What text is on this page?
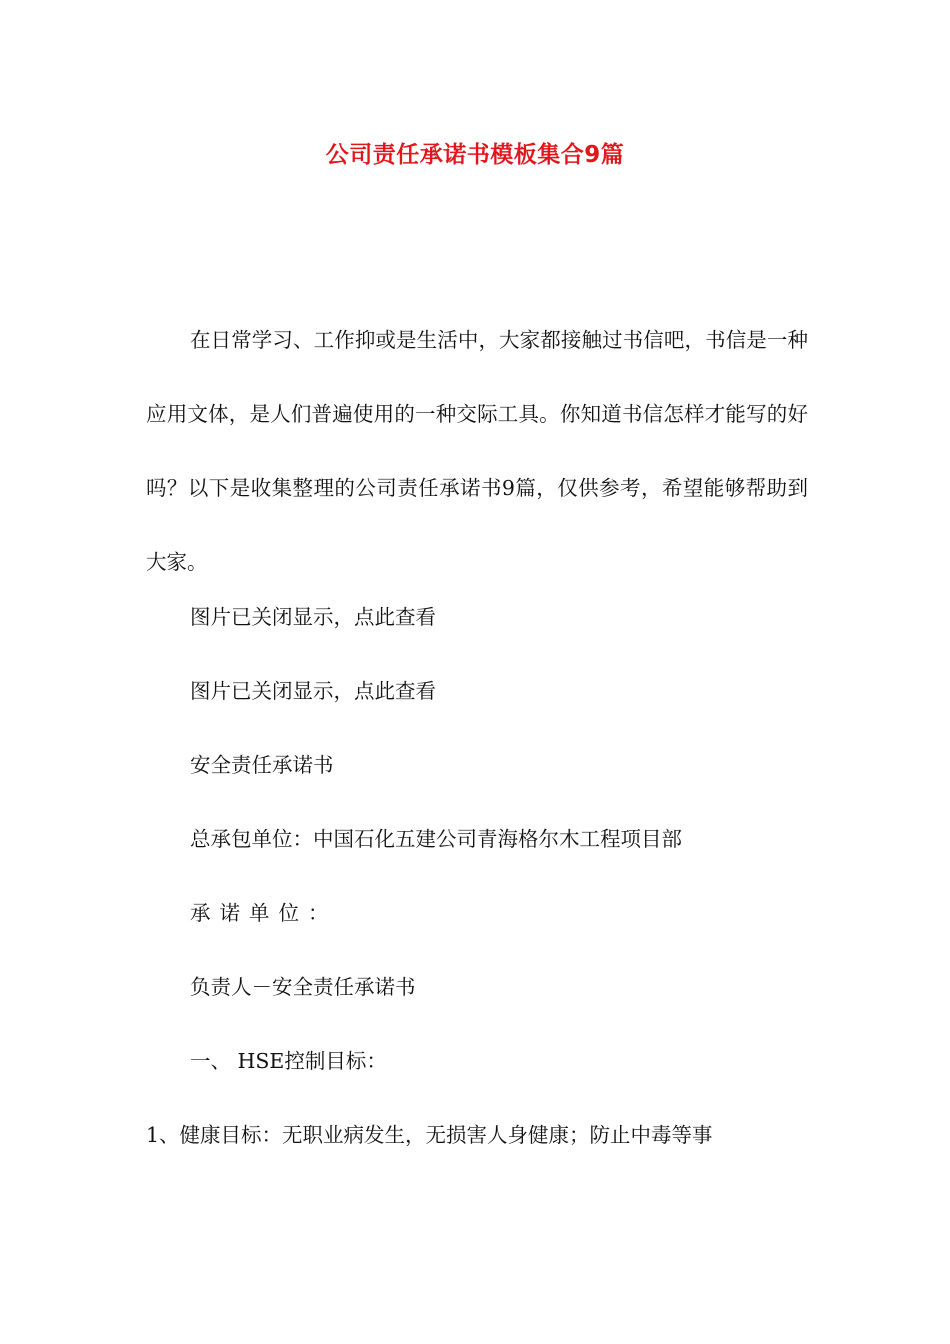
公司责任承诺书模板集合9篇

在日常学习、工作抑或是生活中，大家都接触过书信吧，书信是一种应用文体，是人们普遍使用的一种交际工具。你知道书信怎样才能写的好吗？以下是收集整理的公司责任承诺书9篇，仅供参考，希望能够帮助到大家。

图片已关闭显示，点此查看
图片已关闭显示，点此查看
安全责任承诺书
总承包单位：中国石化五建公司青海格尔木工程项目部
承诺单位：
负责人－安全责任承诺书
一、 HSE控制目标：
1、健康目标：无职业病发生，无损害人身健康；防止中毒等事
